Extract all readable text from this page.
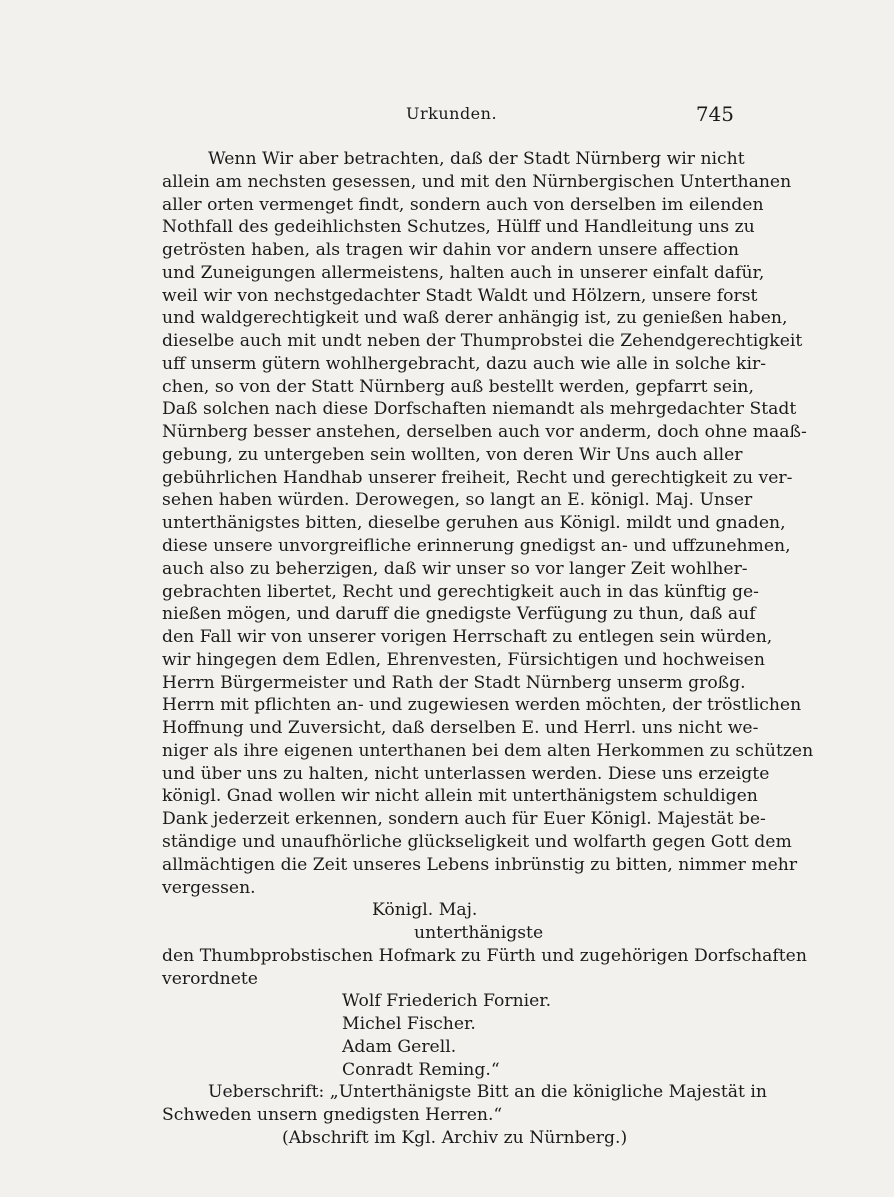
Urkunden.	745
Wenn Wir aber betrachten, daß der Stadt Nürnberg wir nicht
allein am nechsten gesessen, und mit den Nürnbergischen Unterthanen
aller orten vermenget findt, sondern auch von derselben im eilenden
Nothfall des gedeihlichsten Schutzes, Hülff und Handleitung uns zu
getrösten haben, als tragen wir dahin vor andern unsere affection
und Zuneigungen allermeistens, halten auch in unserer einfalt dafür,
weil wir von nechstgedachter Stadt Waldt und Hölzern, unsere forst
und waldgerechtigkeit und waß derer anhängig ist, zu genießen haben,
dieselbe auch mit undt neben der Thumprobstei die Zehendgerechtigkeit
uff unserm gütern wohlhergebracht, dazu auch wie alle in solche kir-
chen, so von der Statt Nürnberg auß bestellt werden, gepfarrt sein,
Daß solchen nach diese Dorfschaften niemandt als mehrgedachter Stadt
Nürnberg besser anstehen, derselben auch vor anderm, doch ohne maaß-
gebung, zu untergeben sein wollten, von deren Wir Uns auch aller
gebührlichen Handhab unserer freiheit, Recht und gerechtigkeit zu ver-
sehen haben würden. Derowegen, so langt an E. königl. Maj. Unser
unterthänigstes bitten, dieselbe geruhen aus Königl. mildt und gnaden,
diese unsere unvorgreifliche erinnerung gnedigst an- und uffzunehmen,
auch also zu beherzigen, daß wir unser so vor langer Zeit wohlher-
gebrachten libertet, Recht und gerechtigkeit auch in das künftig ge-
nießen mögen, und daruff die gnedigste Verfügung zu thun, daß auf
den Fall wir von unserer vorigen Herrschaft zu entlegen sein würden,
wir hingegen dem Edlen, Ehrenvesten, Fürsichtigen und hochweisen
Herrn Bürgermeister und Rath der Stadt Nürnberg unserm großg.
Herrn mit pflichten an- und zugewiesen werden möchten, der tröstlichen
Hoffnung und Zuversicht, daß derselben E. und Herrl. uns nicht we-
niger als ihre eigenen unterthanen bei dem alten Herkommen zu schützen
und über uns zu halten, nicht unterlassen werden. Diese uns erzeigte
königl. Gnad wollen wir nicht allein mit unterthänigstem schuldigen
Dank jederzeit erkennen, sondern auch für Euer Königl. Majestät be-
ständige und unaufhörliche glückseligkeit und wolfarth gegen Gott dem
allmächtigen die Zeit unseres Lebens inbrünstig zu bitten, nimmer mehr
vergessen.
Königl. Maj.
unterthänigste
den Thumbprobstischen Hofmark zu Fürth und zugehörigen Dorfschaften
verordnete
Wolf Friederich Fornier.
Michel Fischer.
Adam Gerell.
Conradt Reming.“
Ueberschrift: „Unterthänigste Bitt an die königliche Majestät in
Schweden unsern gnedigsten Herren.“
(Abschrift im Kgl. Archiv zu Nürnberg.)
